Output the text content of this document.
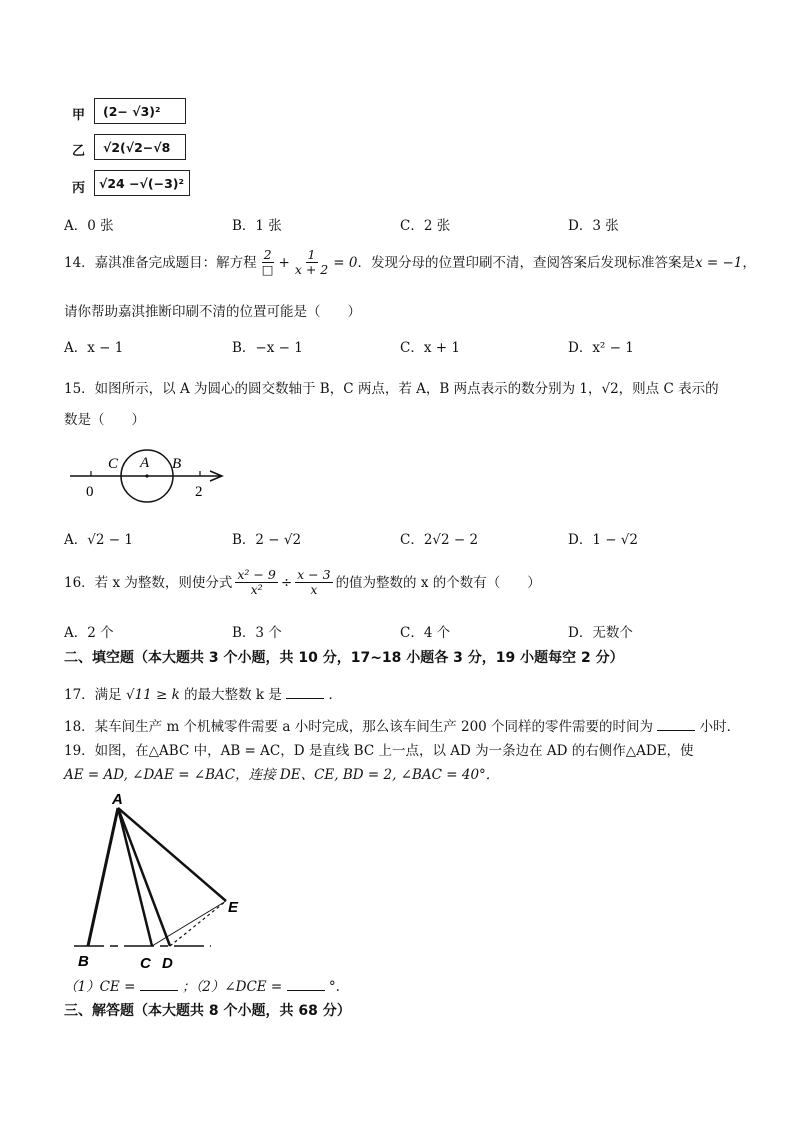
甲 (2− √3)²
乙 √2(√2−√8
丙 √24 −√(−3)²
A．0 张	B．1 张	C．2 张	D．3 张
14．嘉淇准备完成题目：解方程 $\frac{2}{□} + \frac{1}{x + 2} = 0$ ．发现分母的位置印刷不清，查阅答案后发现标准答案是 x = −1 ，
请你帮助嘉淇推断印刷不清的位置可能是（　　）
A．x − 1	B．−x − 1	C．x + 1	D．x² − 1
15．如图所示，以 A 为圆心的圆交数轴于 B，C 两点，若 A，B 两点表示的数分别为 1，√2，则点 C 表示的
数是（　　）
C A B
0	2
A．√2 − 1	B．2 − √2	C．2√2 − 2	D．1 − √2
16．若 x 为整数，则使分式 $\frac{\text{x² − 9}}{\text{x²}} \div \frac{x - 3}{x}$ 的值为整数的 x 的个数有（　　）
A．2 个	B．3 个	C．4 个	D．无数个
二、填空题（本大题共 3 个小题，共 10 分，17~18 小题各 3 分，19 小题每空 2 分）
17．满足 √11 ≥ k 的最大整数 k 是	．
18．某车间生产 m 个机械零件需要 a 小时完成，那么该车间生产 200 个同样的零件需要的时间为	小时．
19．如图，在△ABC 中，AB = AC，D 是直线 BC 上一点，以 AD 为一条边在 AD 的右侧作△ADE，使
AE = AD, ∠DAE = ∠BAC，连接 DE、CE, BD = 2, ∠BAC = 40°．
A
B	C D
E
（1）CE =	；（2）∠DCE =	°.
三、解答题（本大题共 8 个小题，共 68 分）
